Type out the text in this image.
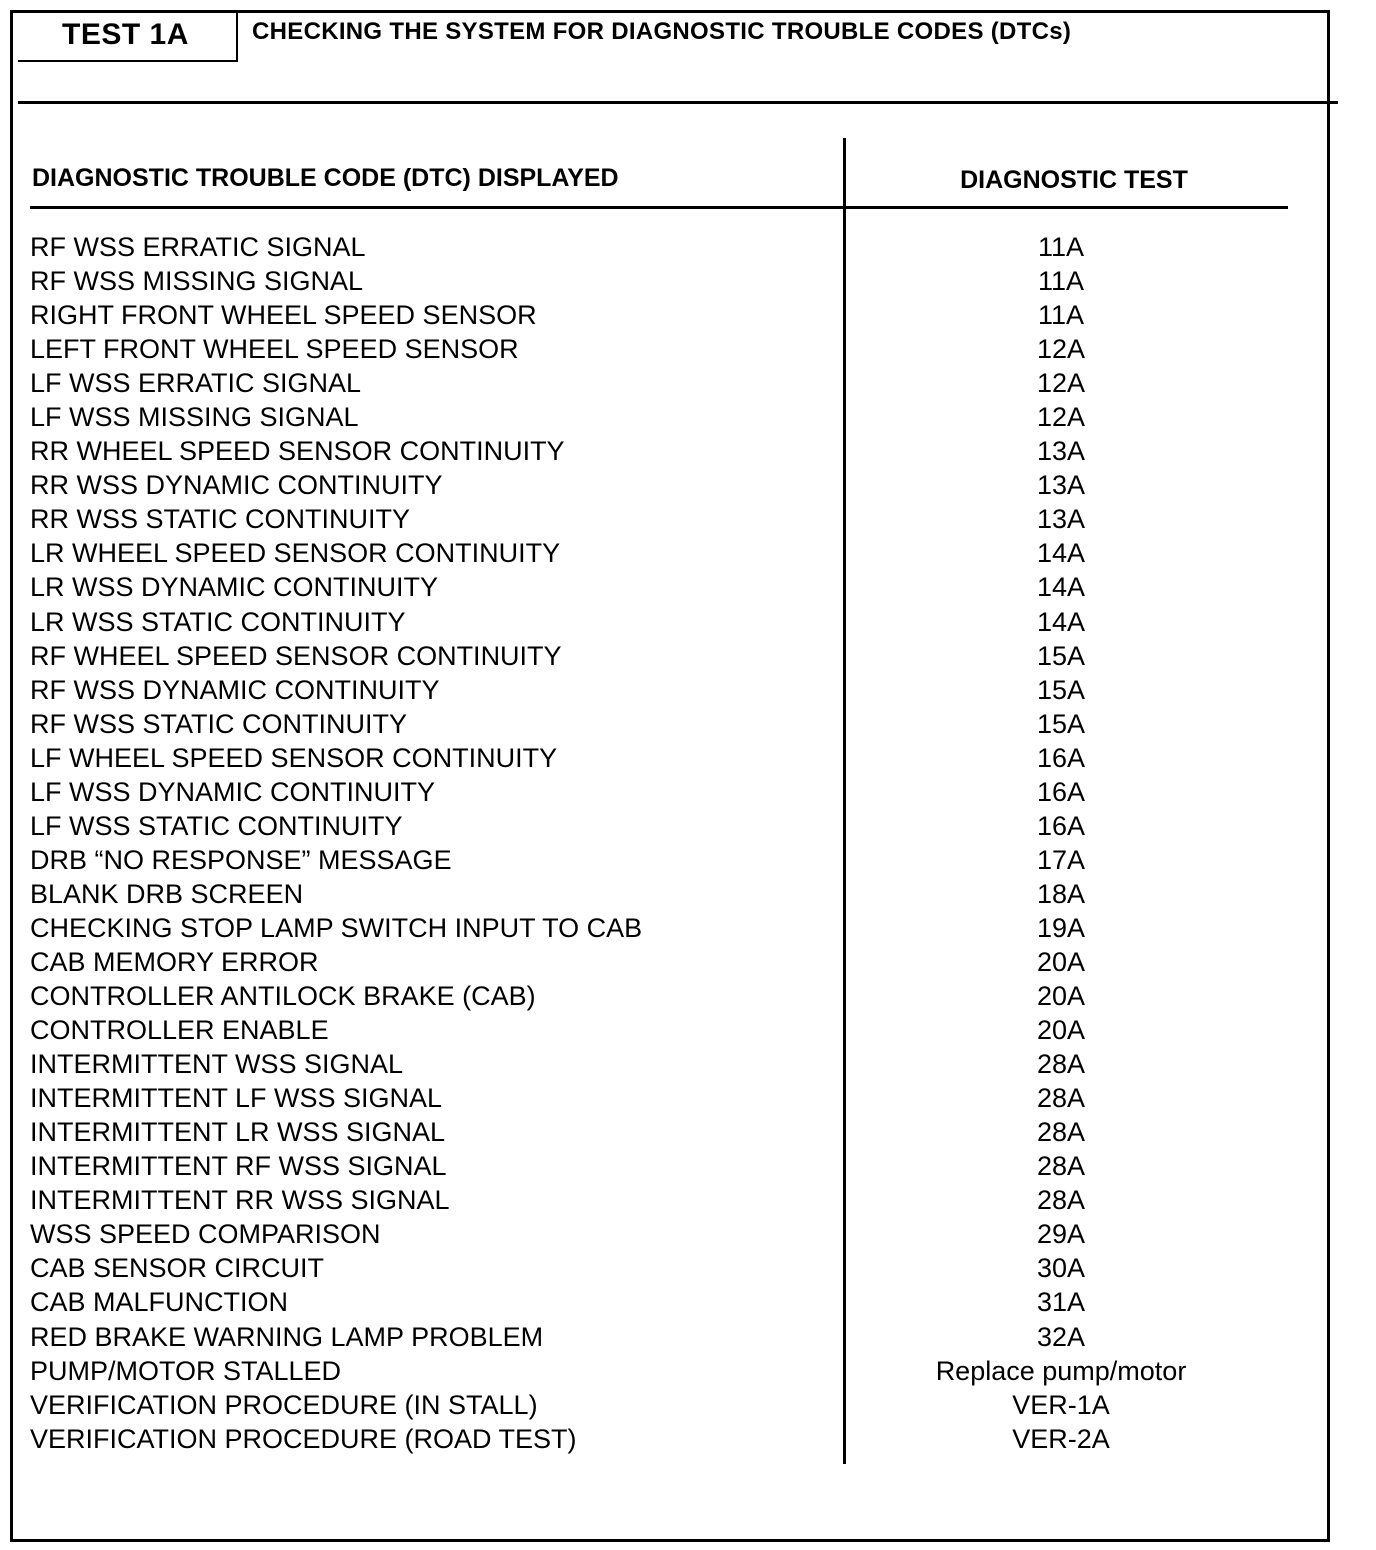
TEST 1A	CHECKING THE SYSTEM FOR DIAGNOSTIC TROUBLE CODES (DTCs)
DIAGNOSTIC TROUBLE CODE (DTC) DISPLAYED	DIAGNOSTIC TEST
RF WSS ERRATIC SIGNAL	11A
RF WSS MISSING SIGNAL	11A
RIGHT FRONT WHEEL SPEED SENSOR	11A
LEFT FRONT WHEEL SPEED SENSOR	12A
LF WSS ERRATIC SIGNAL	12A
LF WSS MISSING SIGNAL	12A
RR WHEEL SPEED SENSOR CONTINUITY	13A
RR WSS DYNAMIC CONTINUITY	13A
RR WSS STATIC CONTINUITY	13A
LR WHEEL SPEED SENSOR CONTINUITY	14A
LR WSS DYNAMIC CONTINUITY	14A
LR WSS STATIC CONTINUITY	14A
RF WHEEL SPEED SENSOR CONTINUITY	15A
RF WSS DYNAMIC CONTINUITY	15A
RF WSS STATIC CONTINUITY	15A
LF WHEEL SPEED SENSOR CONTINUITY	16A
LF WSS DYNAMIC CONTINUITY	16A
LF WSS STATIC CONTINUITY	16A
DRB “NO RESPONSE” MESSAGE	17A
BLANK DRB SCREEN	18A
CHECKING STOP LAMP SWITCH INPUT TO CAB	19A
CAB MEMORY ERROR	20A
CONTROLLER ANTILOCK BRAKE (CAB)	20A
CONTROLLER ENABLE	20A
INTERMITTENT WSS SIGNAL	28A
INTERMITTENT LF WSS SIGNAL	28A
INTERMITTENT LR WSS SIGNAL	28A
INTERMITTENT RF WSS SIGNAL	28A
INTERMITTENT RR WSS SIGNAL	28A
WSS SPEED COMPARISON	29A
CAB SENSOR CIRCUIT	30A
CAB MALFUNCTION	31A
RED BRAKE WARNING LAMP PROBLEM	32A
PUMP/MOTOR STALLED	Replace pump/motor
VERIFICATION PROCEDURE (IN STALL)	VER-1A
VERIFICATION PROCEDURE (ROAD TEST)	VER-2A
